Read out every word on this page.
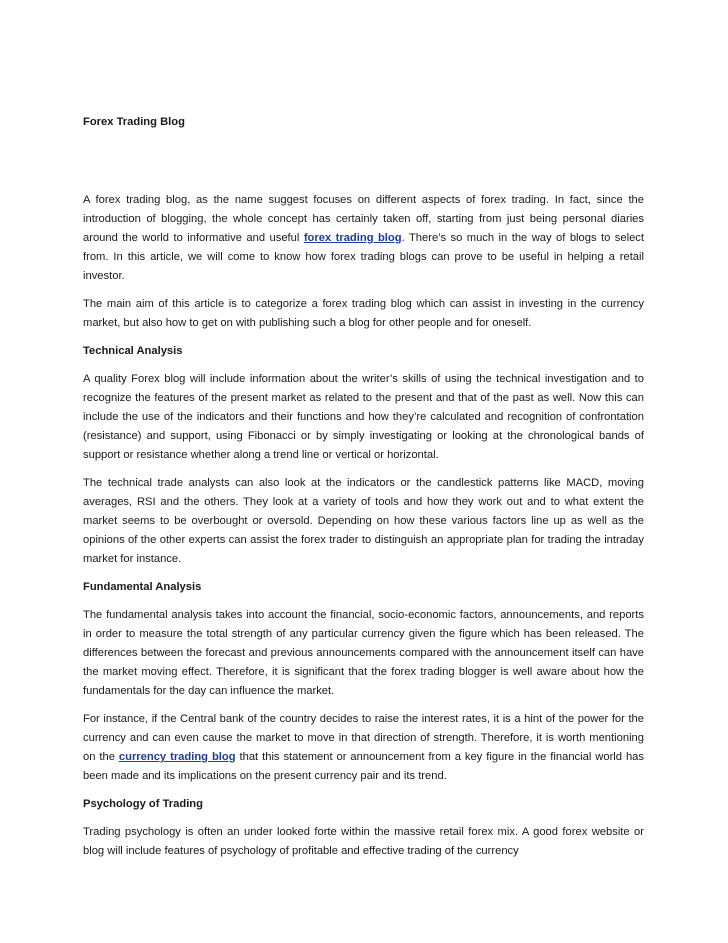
Forex Trading Blog

A forex trading blog, as the name suggest focuses on different aspects of forex trading. In fact, since the introduction of blogging, the whole concept has certainly taken off, starting from just being personal diaries around the world to informative and useful forex trading blog. There’s so much in the way of blogs to select from. In this article, we will come to know how forex trading blogs can prove to be useful in helping a retail investor.

The main aim of this article is to categorize a forex trading blog which can assist in investing in the currency market, but also how to get on with publishing such a blog for other people and for oneself.

Technical Analysis

A quality Forex blog will include information about the writer’s skills of using the technical investigation and to recognize the features of the present market as related to the present and that of the past as well. Now this can include the use of the indicators and their functions and how they’re calculated and recognition of confrontation (resistance) and support, using Fibonacci or by simply investigating or looking at the chronological bands of support or resistance whether along a trend line or vertical or horizontal.

The technical trade analysts can also look at the indicators or the candlestick patterns like MACD, moving averages, RSI and the others. They look at a variety of tools and how they work out and to what extent the market seems to be overbought or oversold. Depending on how these various factors line up as well as the opinions of the other experts can assist the forex trader to distinguish an appropriate plan for trading the intraday market for instance.

Fundamental Analysis

The fundamental analysis takes into account the financial, socio-economic factors, announcements, and reports in order to measure the total strength of any particular currency given the figure which has been released. The differences between the forecast and previous announcements compared with the announcement itself can have the market moving effect. Therefore, it is significant that the forex trading blogger is well aware about how the fundamentals for the day can influence the market.

For instance, if the Central bank of the country decides to raise the interest rates, it is a hint of the power for the currency and can even cause the market to move in that direction of strength. Therefore, it is worth mentioning on the currency trading blog that this statement or announcement from a key figure in the financial world has been made and its implications on the present currency pair and its trend.

Psychology of Trading

Trading psychology is often an under looked forte within the massive retail forex mix. A good forex website or blog will include features of psychology of profitable and effective trading of the currency
